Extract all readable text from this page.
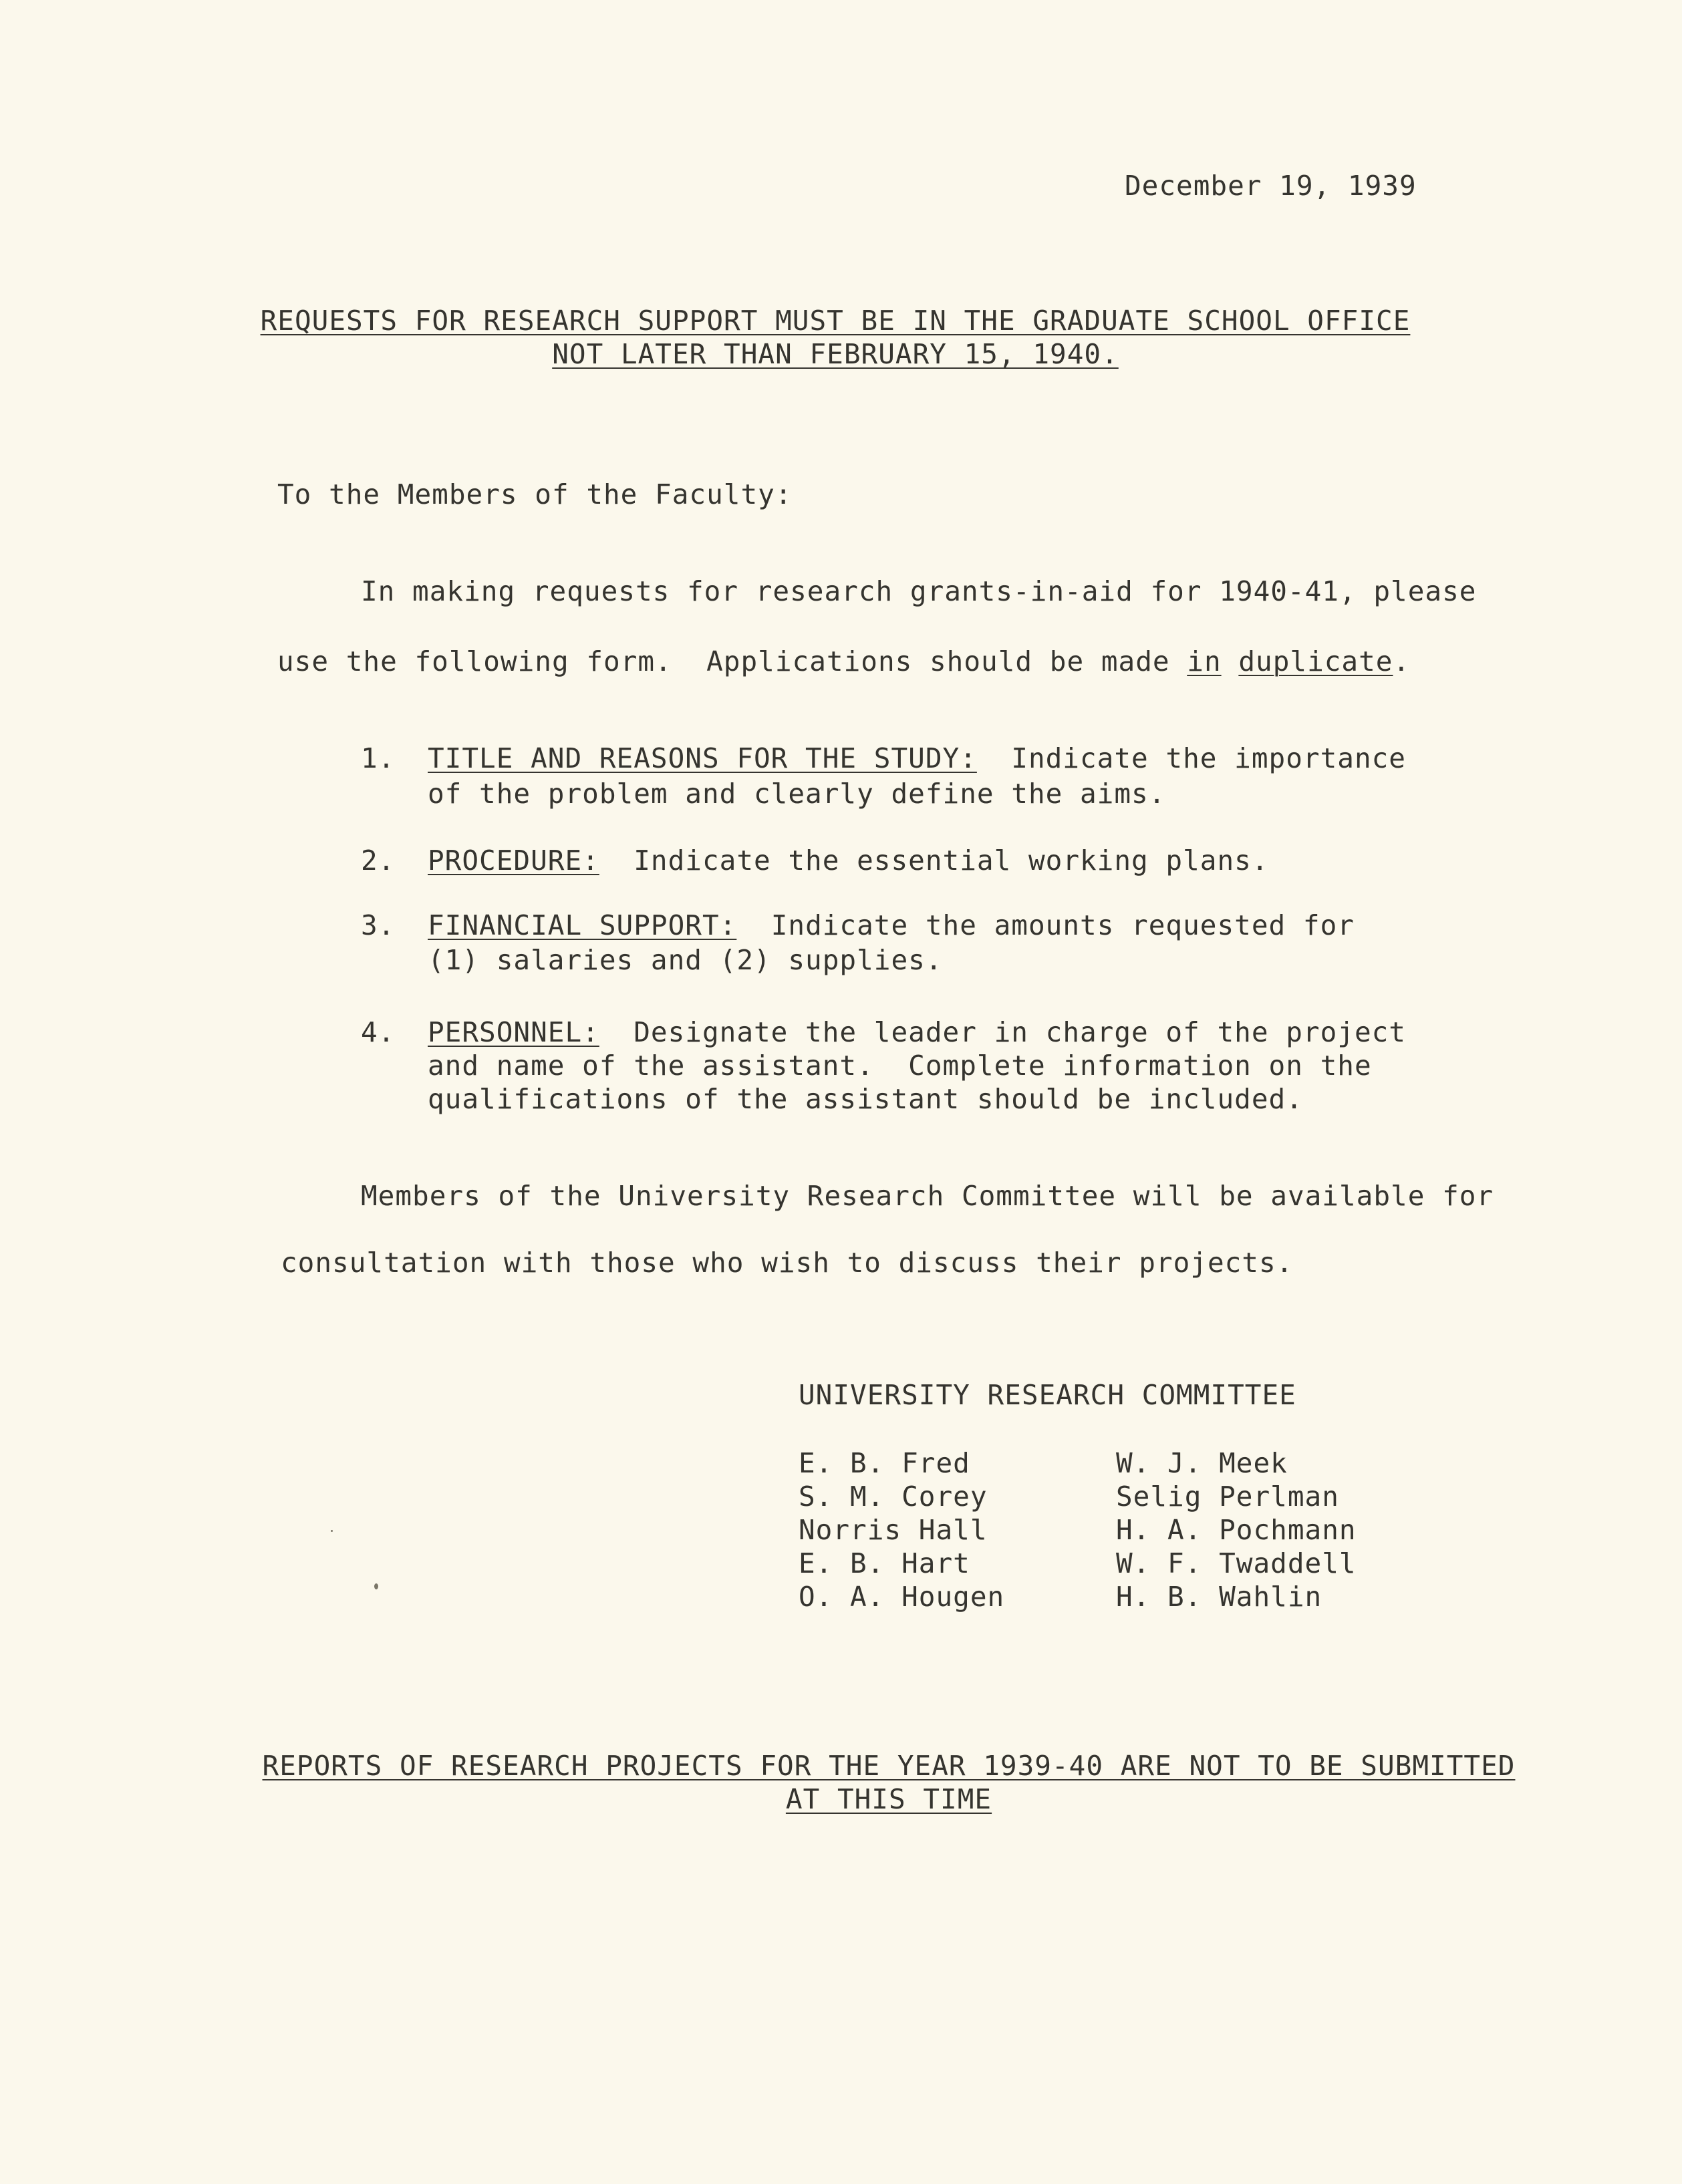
December 19, 1939
REQUESTS FOR RESEARCH SUPPORT MUST BE IN THE GRADUATE SCHOOL OFFICE
NOT LATER THAN FEBRUARY 15, 1940.
To the Members of the Faculty:
In making requests for research grants-in-aid for 1940-41, please
use the following form.  Applications should be made in duplicate.
1. TITLE AND REASONS FOR THE STUDY:  Indicate the importance
of the problem and clearly define the aims.
2. PROCEDURE:  Indicate the essential working plans.
3. FINANCIAL SUPPORT:  Indicate the amounts requested for
(1) salaries and (2) supplies.
4. PERSONNEL:  Designate the leader in charge of the project
and name of the assistant.  Complete information on the
qualifications of the assistant should be included.
Members of the University Research Committee will be available for
consultation with those who wish to discuss their projects.
UNIVERSITY RESEARCH COMMITTEE
E. B. Fred
S. M. Corey
Norris Hall
E. B. Hart
O. A. Hougen
W. J. Meek
Selig Perlman
H. A. Pochmann
W. F. Twaddell
H. B. Wahlin
REPORTS OF RESEARCH PROJECTS FOR THE YEAR 1939-40 ARE NOT TO BE SUBMITTED
AT THIS TIME
